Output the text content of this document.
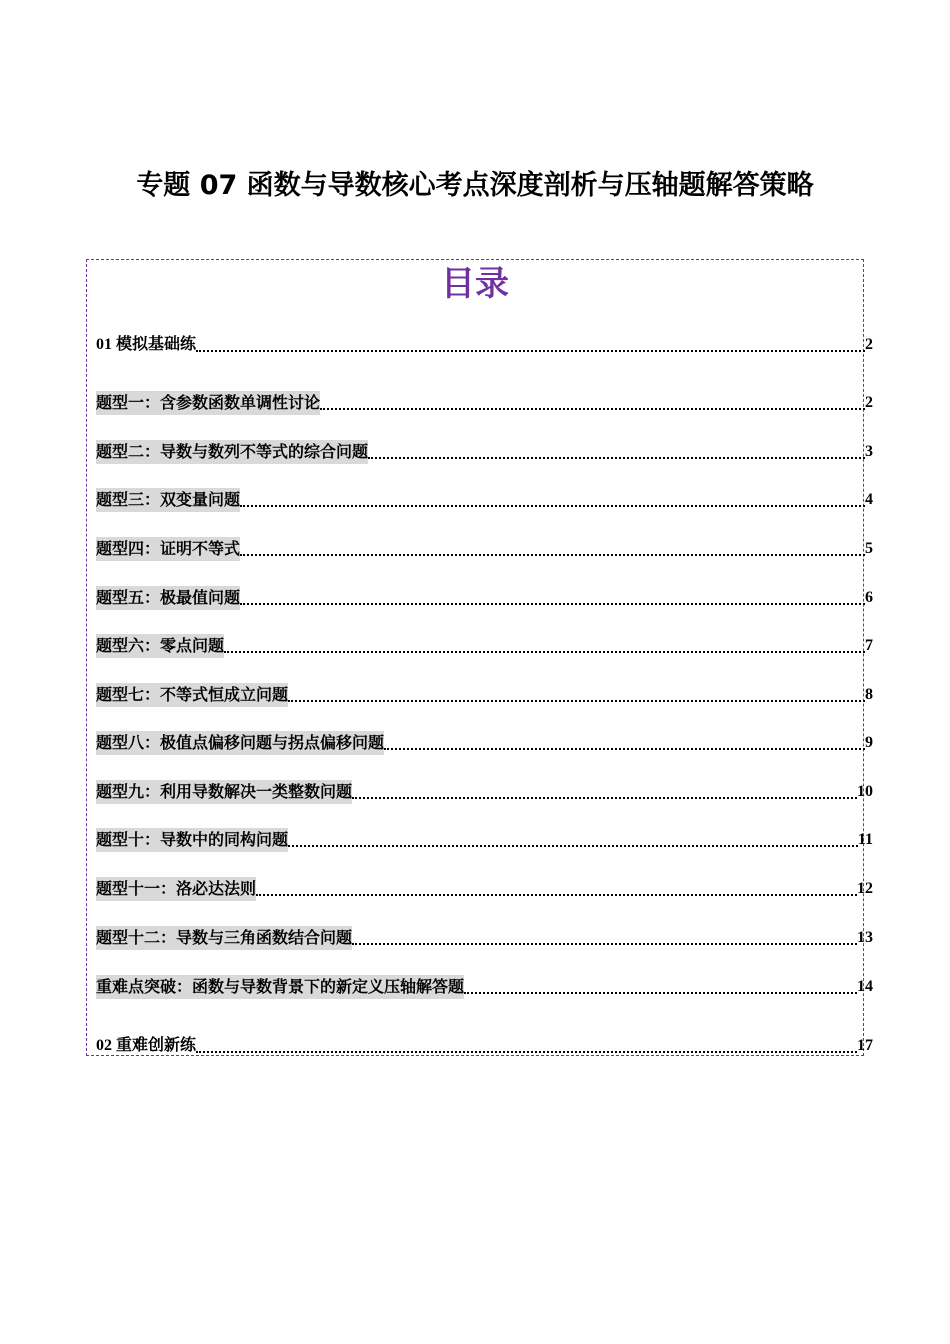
专题 07 函数与导数核心考点深度剖析与压轴题解答策略
目录
01 模拟基础练	2
题型一：含参数函数单调性讨论	2
题型二：导数与数列不等式的综合问题	3
题型三：双变量问题	4
题型四：证明不等式	5
题型五：极最值问题	6
题型六：零点问题	7
题型七：不等式恒成立问题	8
题型八：极值点偏移问题与拐点偏移问题	9
题型九：利用导数解决一类整数问题	10
题型十：导数中的同构问题	11
题型十一：洛必达法则	12
题型十二：导数与三角函数结合问题	13
重难点突破：函数与导数背景下的新定义压轴解答题	14
02 重难创新练	17
